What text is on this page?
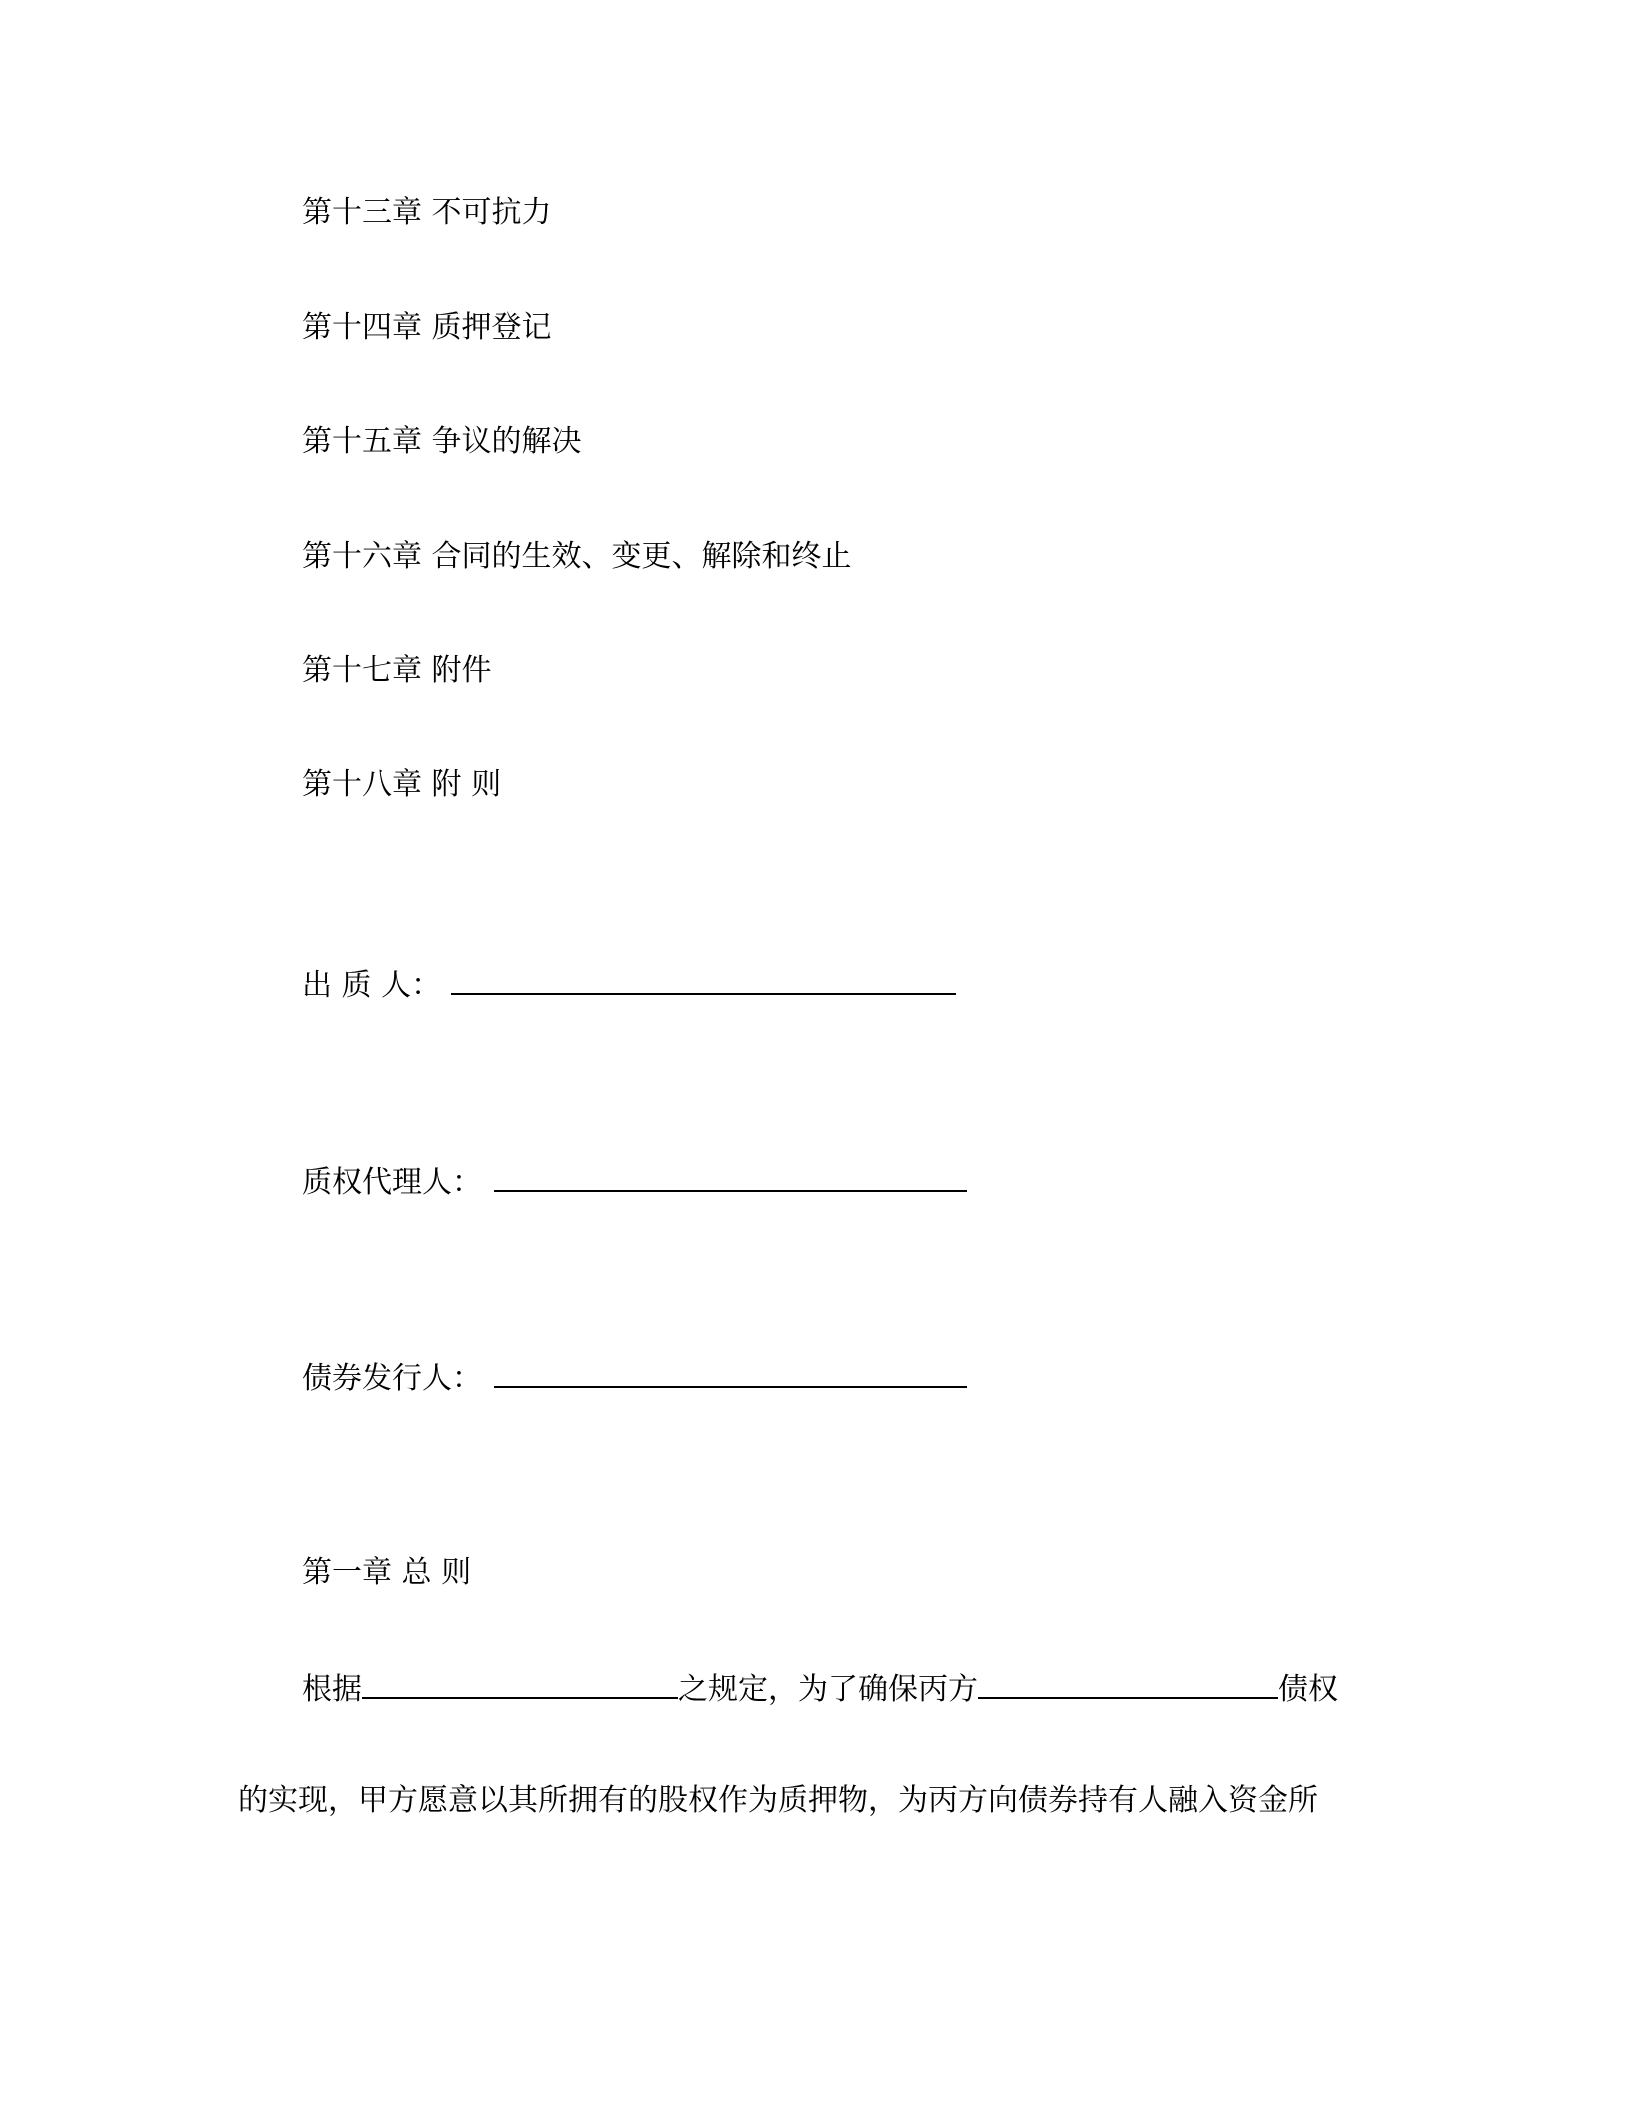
第十三章 不可抗力
第十四章 质押登记
第十五章 争议的解决
第十六章 合同的生效、变更、解除和终止
第十七章 附件
第十八章 附 则
出 质 人：
质权代理人：
债券发行人：
第一章 总 则
根据	之规定，为了确保丙方	债权
的实现，甲方愿意以其所拥有的股权作为质押物，为丙方向债券持有人融入资金所
